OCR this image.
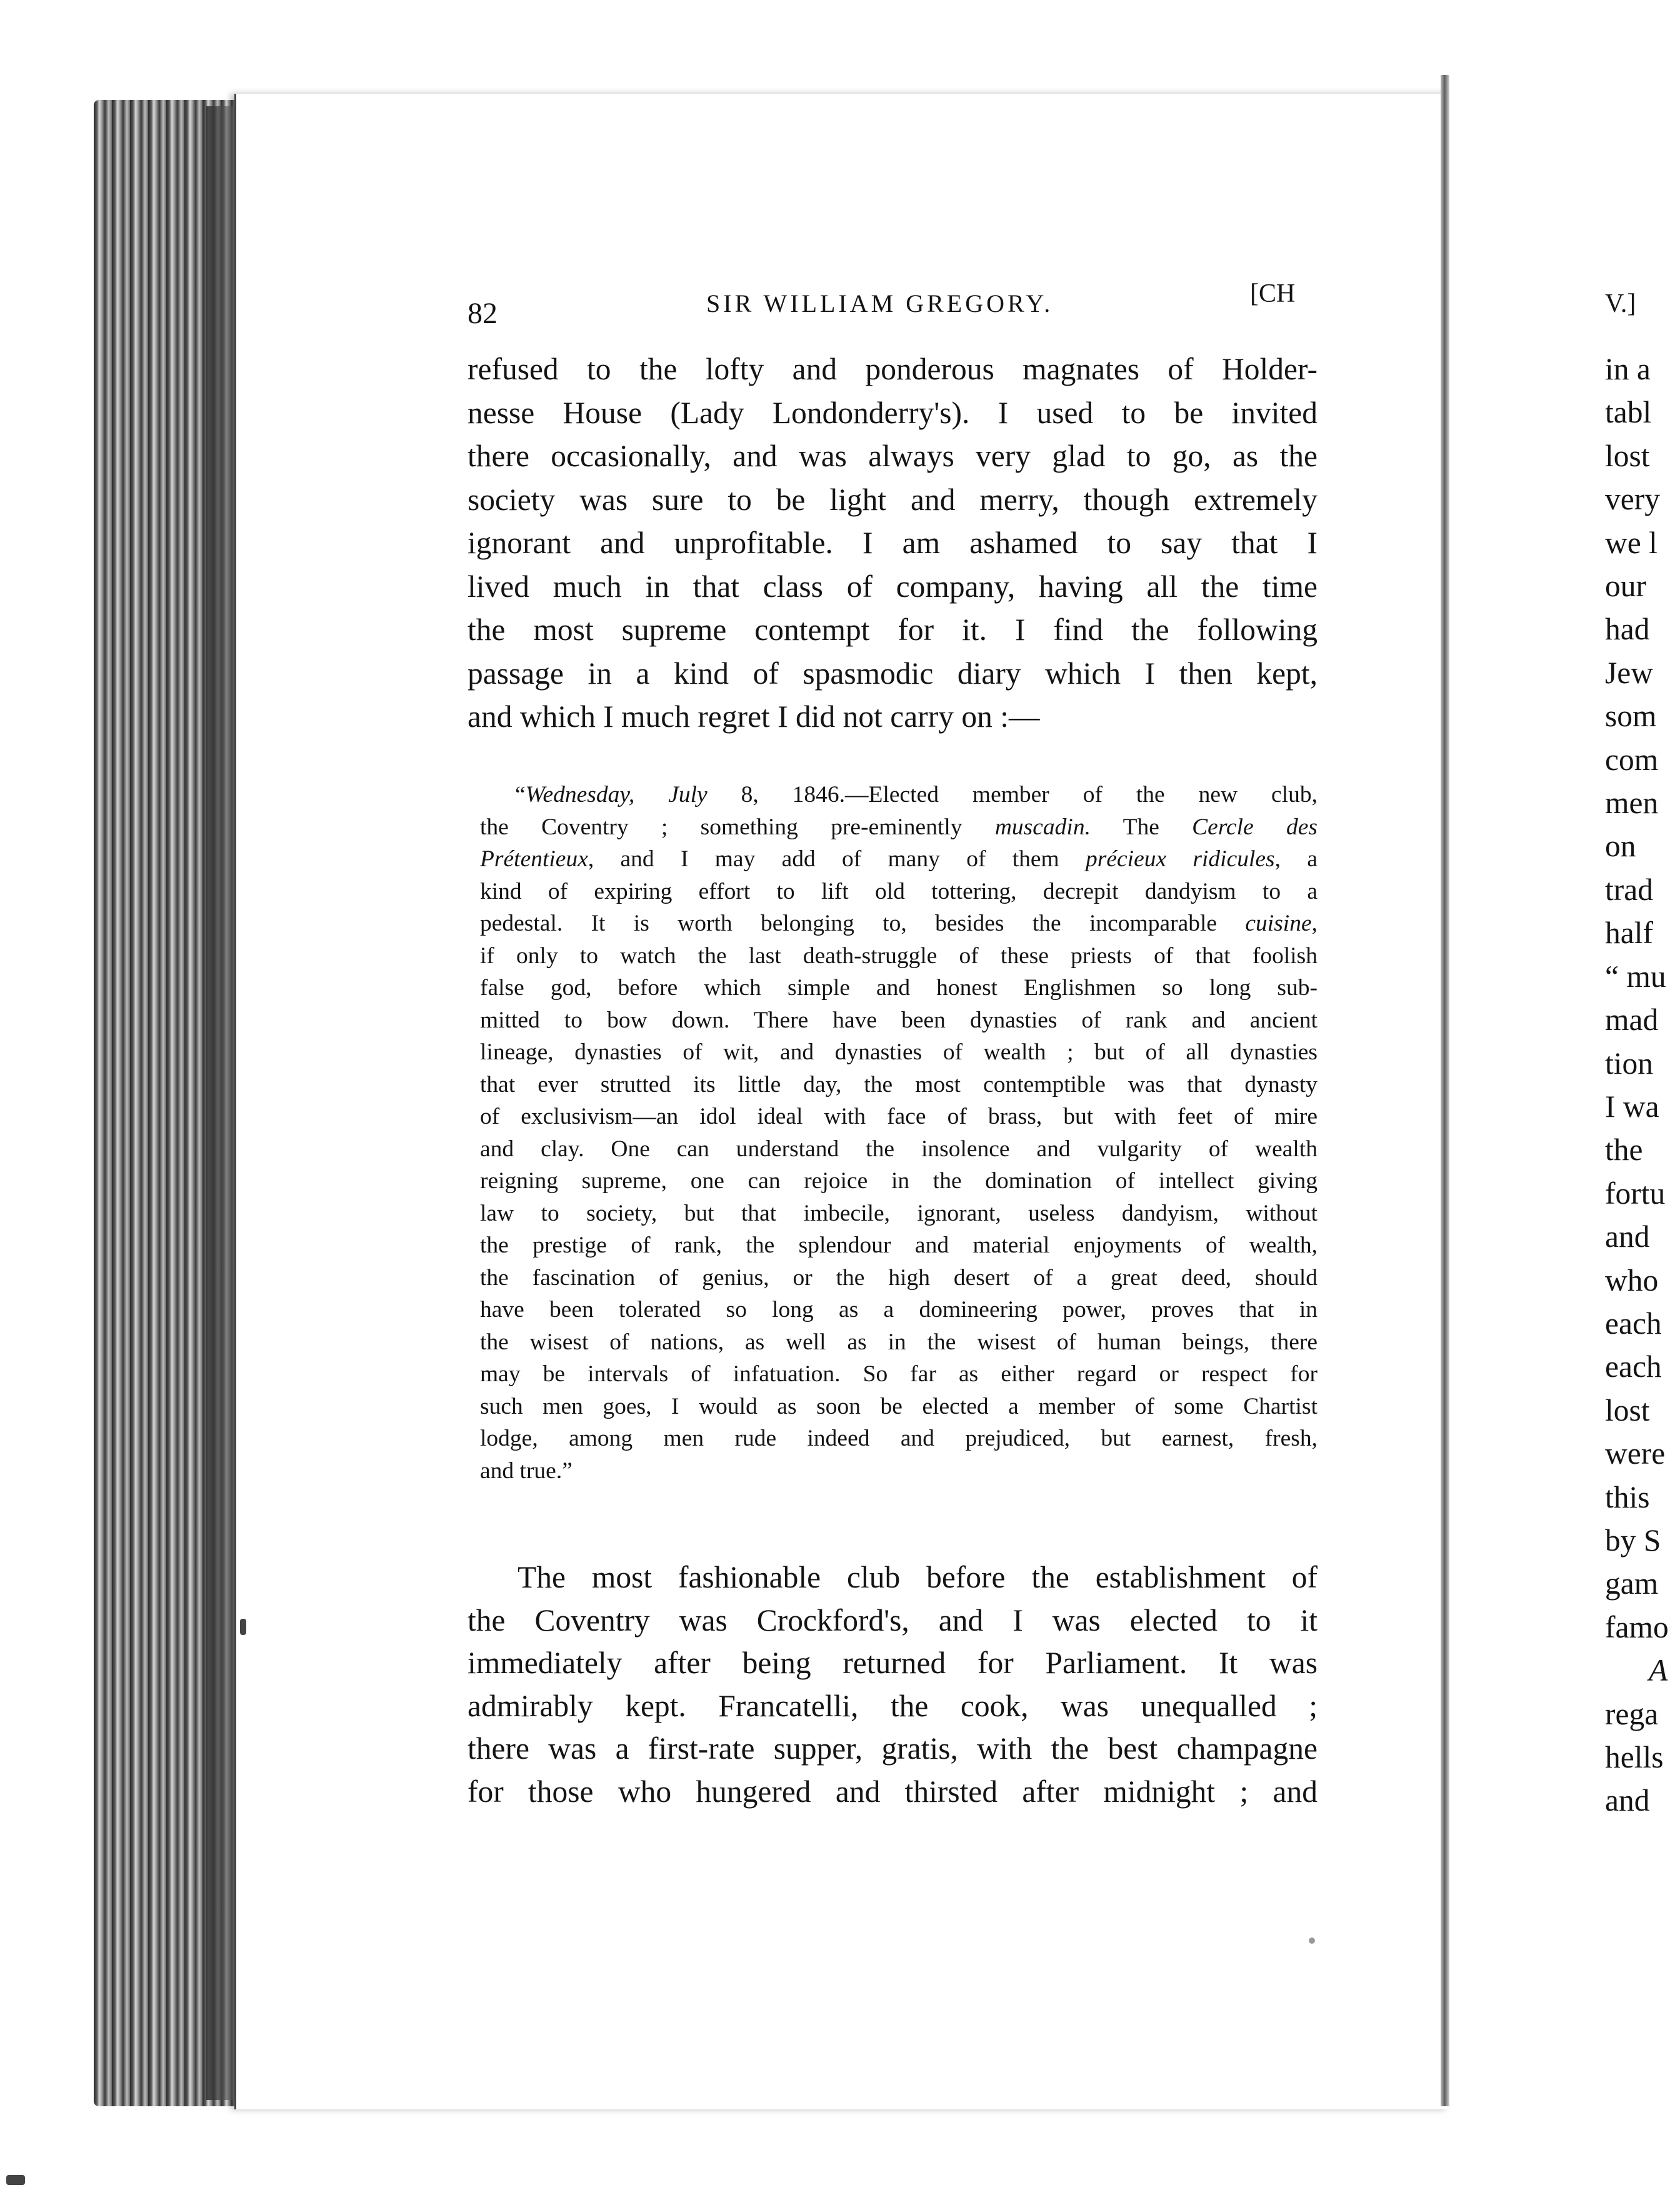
82	SIR WILLIAM GREGORY.	[CH	V.]
refused to the lofty and ponderous magnates of Holder-
nesse House (Lady Londonderry's). I used to be invited
there occasionally, and was always very glad to go, as the
society was sure to be light and merry, though extremely
ignorant and unprofitable. I am ashamed to say that I
lived much in that class of company, having all the time
the most supreme contempt for it. I find the following
passage in a kind of spasmodic diary which I then kept,
and which I much regret I did not carry on :—
“Wednesday, July 8, 1846.—Elected member of the new club,
the Coventry ; something pre-eminently muscadin. The Cercle des
Prétentieux, and I may add of many of them précieux ridicules, a
kind of expiring effort to lift old tottering, decrepit dandyism to a
pedestal. It is worth belonging to, besides the incomparable cuisine,
if only to watch the last death-struggle of these priests of that foolish
false god, before which simple and honest Englishmen so long sub-
mitted to bow down. There have been dynasties of rank and ancient
lineage, dynasties of wit, and dynasties of wealth ; but of all dynasties
that ever strutted its little day, the most contemptible was that dynasty
of exclusivism—an idol ideal with face of brass, but with feet of mire
and clay. One can understand the insolence and vulgarity of wealth
reigning supreme, one can rejoice in the domination of intellect giving
law to society, but that imbecile, ignorant, useless dandyism, without
the prestige of rank, the splendour and material enjoyments of wealth,
the fascination of genius, or the high desert of a great deed, should
have been tolerated so long as a domineering power, proves that in
the wisest of nations, as well as in the wisest of human beings, there
may be intervals of infatuation. So far as either regard or respect for
such men goes, I would as soon be elected a member of some Chartist
lodge, among men rude indeed and prejudiced, but earnest, fresh,
and true.”
The most fashionable club before the establishment of
the Coventry was Crockford's, and I was elected to it
immediately after being returned for Parliament. It was
admirably kept. Francatelli, the cook, was unequalled ;
there was a first-rate supper, gratis, with the best champagne
for those who hungered and thirsted after midnight ; and
in a
tabl
lost
very
we l
our
had
Jew
som
com
men
on
trad
half
“ mu
mad
tion
I wa
the
fortu
and
who
each
each
lost
were
this
by S
gam
famo
A
rega
hells
and
